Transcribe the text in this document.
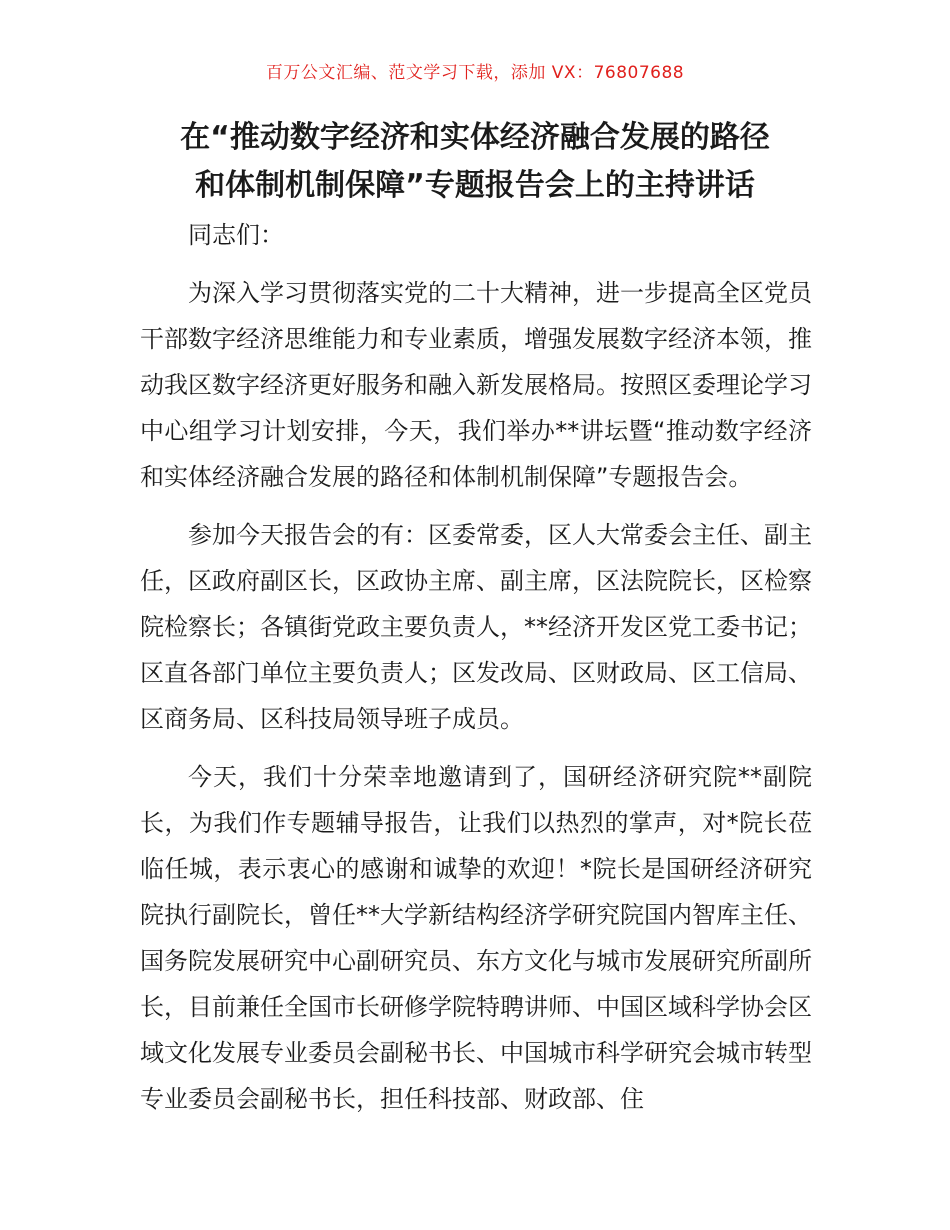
百万公文汇编、范文学习下载，添加 VX：76807688
在“推动数字经济和实体经济融合发展的路径
和体制机制保障”专题报告会上的主持讲话

同志们：

为深入学习贯彻落实党的二十大精神，进一步提高全区党员干部数字经济思维能力和专业素质，增强发展数字经济本领，推动我区数字经济更好服务和融入新发展格局。按照区委理论学习中心组学习计划安排，今天，我们举办**讲坛暨“推动数字经济和实体经济融合发展的路径和体制机制保障”专题报告会。

参加今天报告会的有：区委常委，区人大常委会主任、副主任，区政府副区长，区政协主席、副主席，区法院院长，区检察院检察长；各镇街党政主要负责人，**经济开发区党工委书记；区直各部门单位主要负责人；区发改局、区财政局、区工信局、区商务局、区科技局领导班子成员。

今天，我们十分荣幸地邀请到了，国研经济研究院**副院长，为我们作专题辅导报告，让我们以热烈的掌声，对*院长莅临任城，表示衷心的感谢和诚挚的欢迎！*院长是国研经济研究院执行副院长，曾任**大学新结构经济学研究院国内智库主任、国务院发展研究中心副研究员、东方文化与城市发展研究所副所长，目前兼任全国市长研修学院特聘讲师、中国区域科学协会区域文化发展专业委员会副秘书长、中国城市科学研究会城市转型专业委员会副秘书长，担任科技部、财政部、住
